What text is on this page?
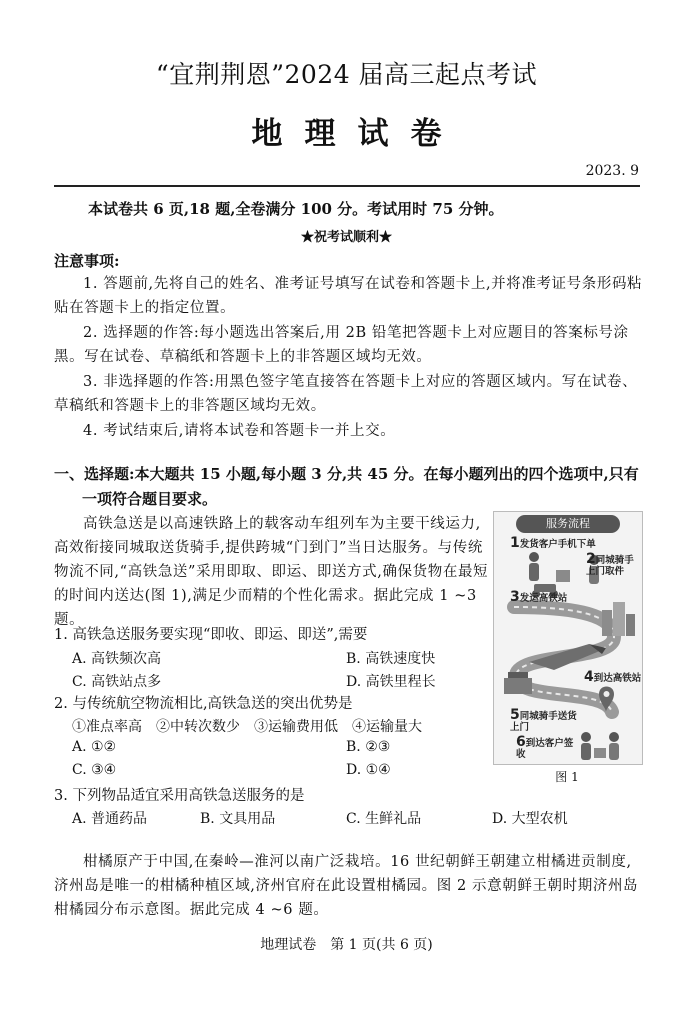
“宜荆荆恩”2024 届高三起点考试
地理试卷
2023. 9
本试卷共 6 页,18 题,全卷满分 100 分。考试用时 75 分钟。
★祝考试顺利★
注意事项:

1. 答题前,先将自己的姓名、准考证号填写在试卷和答题卡上,并将准考证号条形码粘贴在答题卡上的指定位置。

2. 选择题的作答:每小题选出答案后,用 2B 铅笔把答题卡上对应题目的答案标号涂黑。写在试卷、草稿纸和答题卡上的非答题区域均无效。

3. 非选择题的作答:用黑色签字笔直接答在答题卡上对应的答题区域内。写在试卷、草稿纸和答题卡上的非答题区域均无效。

4. 考试结束后,请将本试卷和答题卡一并上交。

一、选择题:本大题共 15 小题,每小题 3 分,共 45 分。在每小题列出的四个选项中,只有
一项符合题目要求。

高铁急送是以高速铁路上的载客动车组列车为主要干线运力,高效衔接同城取送货骑手,提供跨城“门到门”当日达服务。与传统物流不同,“高铁急送”采用即取、即运、即送方式,确保货物在最短的时间内送达(图 1),满足少而精的个性化需求。据此完成 1 ~3 题。

1. 高铁急送服务要实现“即收、即运、即送”,需要
A. 高铁频次高	B. 高铁速度快
C. 高铁站点多	D. 高铁里程长
2. 与传统航空物流相比,高铁急送的突出优势是
①准点率高　②中转次数少　③运输费用低　④运输量大
A. ①②	B. ②③
C. ③④	D. ①④
3. 下列物品适宜采用高铁急送服务的是
A. 普通药品	B. 文具用品	C. 生鲜礼品	D. 大型农机
服务流程
1发货客户手机下单
2同城骑手上门取件
3发运高铁站
4到达高铁站
5同城骑手送货上门
6到达客户签收
图 1

柑橘原产于中国,在秦岭—淮河以南广泛栽培。16 世纪朝鲜王朝建立柑橘进贡制度,济州岛是唯一的柑橘种植区域,济州官府在此设置柑橘园。图 2 示意朝鲜王朝时期济州岛柑橘园分布示意图。据此完成 4 ~6 题。

地理试卷　第 1 页(共 6 页)
